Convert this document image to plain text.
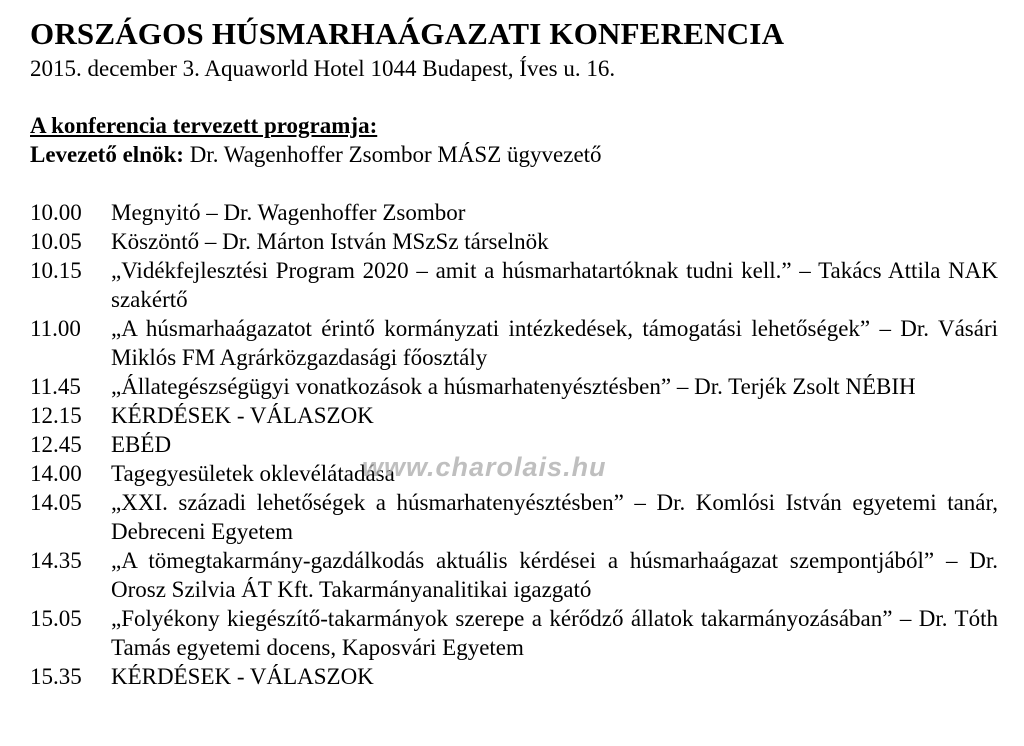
ORSZÁGOS HÚSMARHAÁGAZATI KONFERENCIA

2015. december 3. Aquaworld Hotel 1044 Budapest, Íves u. 16.

A konferencia tervezett programja:

Levezető elnök: Dr. Wagenhoffer Zsombor MÁSZ ügyvezető

10.00	Megnyitó – Dr. Wagenhoffer Zsombor
10.05	Köszöntő – Dr. Márton István MSzSz társelnök
10.15	„Vidékfejlesztési Program 2020 – amit a húsmarhatartóknak tudni kell.” – Takács Attila NAK szakértő
11.00	„A húsmarhaágazatot érintő kormányzati intézkedések, támogatási lehetőségek” – Dr. Vásári Miklós FM Agrárközgazdasági főosztály
11.45	„Állategészségügyi vonatkozások a húsmarhatenyésztésben” – Dr. Terjék Zsolt NÉBIH
12.15	KÉRDÉSEK - VÁLASZOK
12.45	EBÉD
14.00	Tagegyesületek oklevélátadása
14.05	„XXI. századi lehetőségek a húsmarhatenyésztésben” – Dr. Komlósi István egyetemi tanár, Debreceni Egyetem
14.35	„A tömegtakarmány-gazdálkodás aktuális kérdései a húsmarhaágazat szempontjából” – Dr. Orosz Szilvia ÁT Kft. Takarmányanalitikai igazgató
15.05	„Folyékony kiegészítő-takarmányok szerepe a kérődző állatok takarmányozásában” – Dr. Tóth Tamás egyetemi docens, Kaposvári Egyetem
15.35	KÉRDÉSEK - VÁLASZOK
www.charolais.hu
